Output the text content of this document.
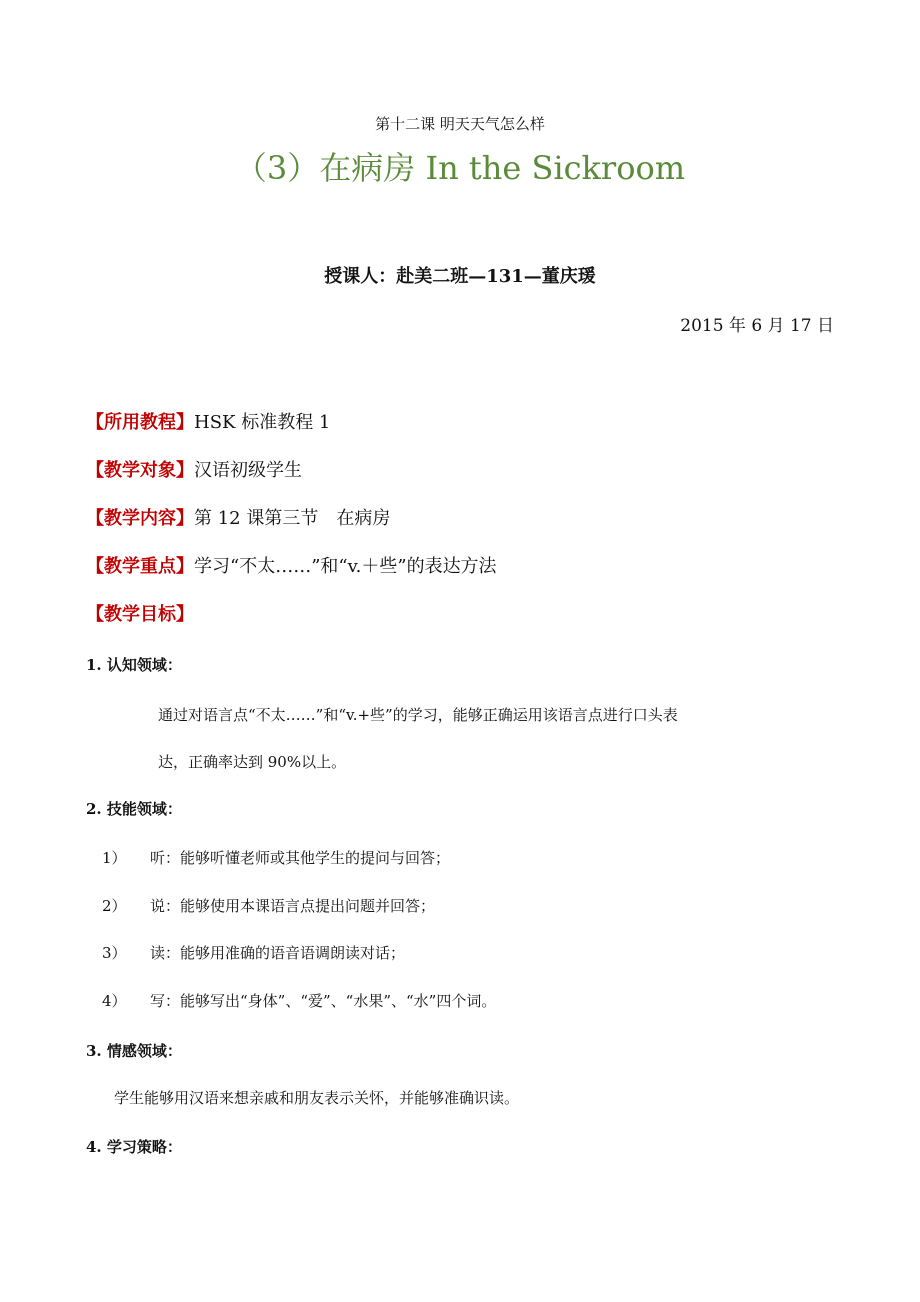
第十二课 明天天气怎么样
（3）在病房 In the Sickroom
授课人：赴美二班—131—董庆瑗
2015 年 6 月 17 日
【所用教程】HSK 标准教程 1
【教学对象】汉语初级学生
【教学内容】第 12 课第三节　在病房
【教学重点】学习“不太……”和“v.＋些”的表达方法
【教学目标】
1. 认知领域：
通过对语言点“不太……”和“v.+些”的学习，能够正确运用该语言点进行口头表
达，正确率达到 90%以上。
2. 技能领域：
1） 听：能够听懂老师或其他学生的提问与回答；
2） 说：能够使用本课语言点提出问题并回答；
3） 读：能够用准确的语音语调朗读对话；
4） 写：能够写出“身体”、“爱”、“水果”、“水”四个词。
3. 情感领域：
学生能够用汉语来想亲戚和朋友表示关怀，并能够准确识读。
4. 学习策略：
